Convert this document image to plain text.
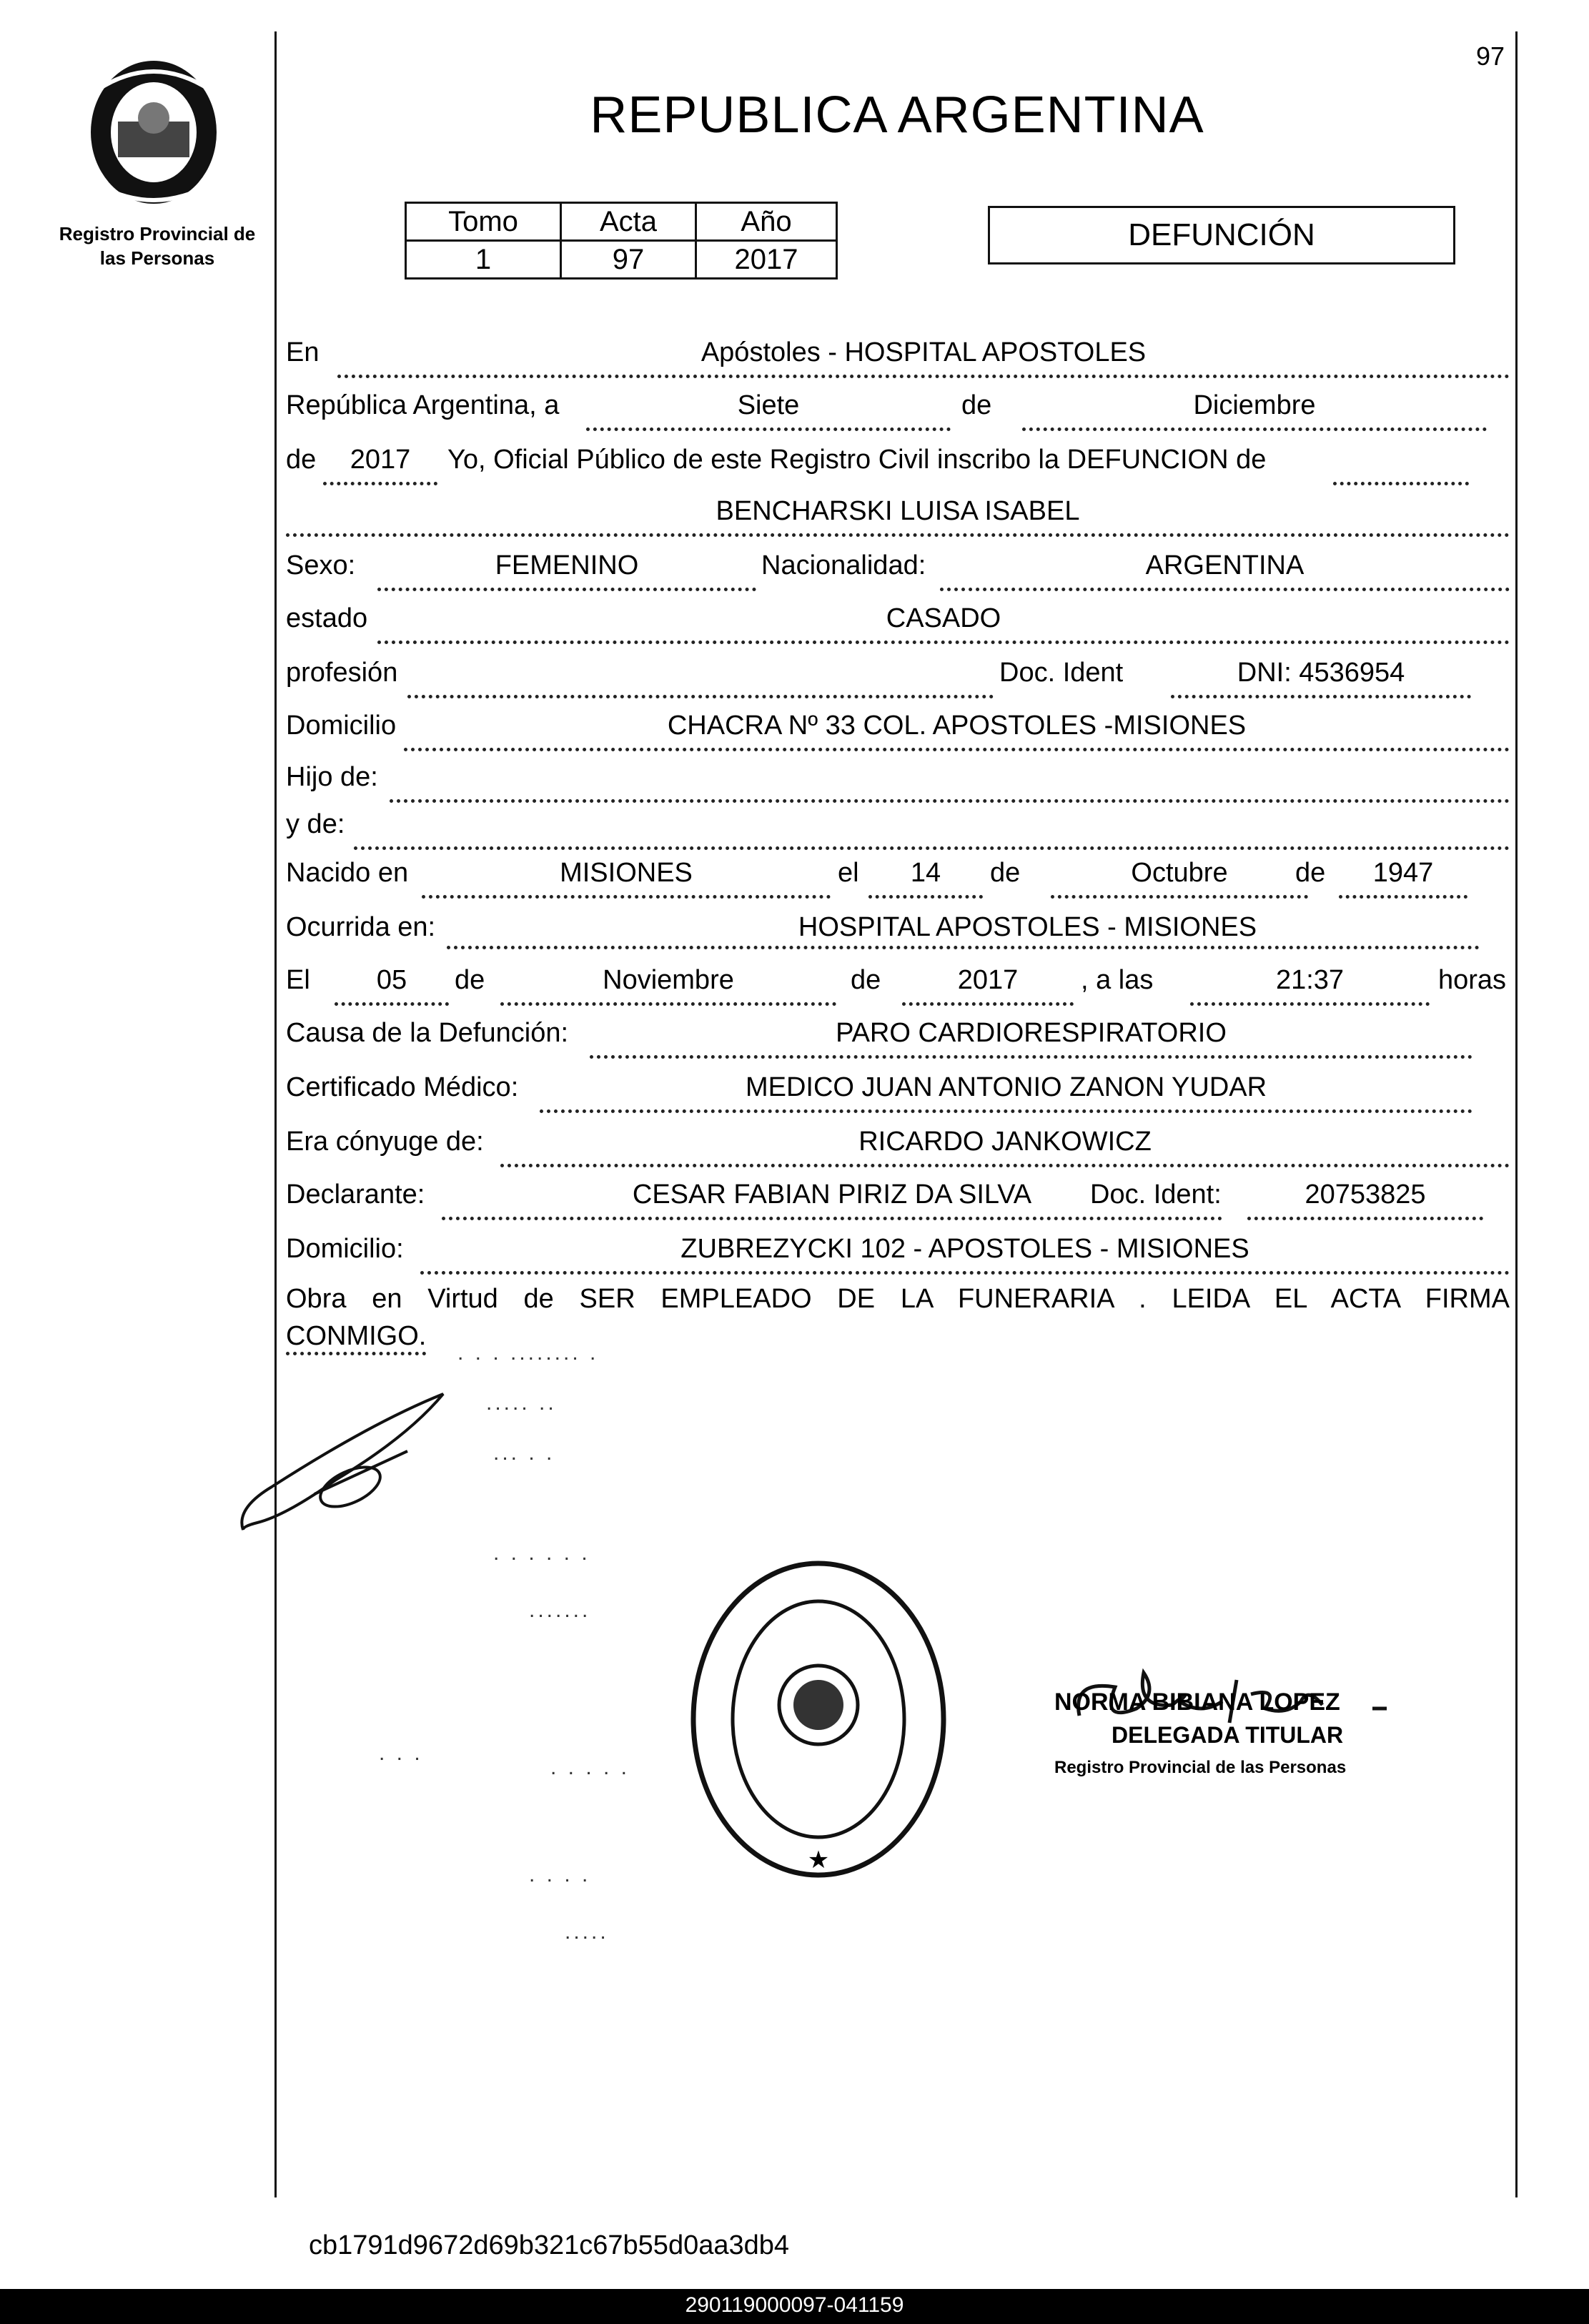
97
Registro Provincial de
las Personas
REPUBLICA ARGENTINA
Tomo	Acta	Año
1	97	2017
DEFUNCIÓN
En	Apóstoles - HOSPITAL APOSTOLES
República Argentina, a	Siete	de	Diciembre
de	2017	Yo, Oficial Público de este Registro Civil inscribo la DEFUNCION de
BENCHARSKI LUISA ISABEL
Sexo:	FEMENINO	Nacionalidad:	ARGENTINA
estado	CASADO
profesión	Doc. Ident	DNI: 4536954
Domicilio	CHACRA Nº 33 COL. APOSTOLES -MISIONES
Hijo de:
y de:
Nacido en	MISIONES	el	14	de	Octubre	de	1947
Ocurrida en:	HOSPITAL APOSTOLES - MISIONES
El	05	de	Noviembre	de	2017	, a las	21:37	horas
Causa de la Defunción:	PARO CARDIORESPIRATORIO
Certificado Médico:	MEDICO JUAN ANTONIO ZANON YUDAR
Era cónyuge de:	RICARDO JANKOWICZ
Declarante:	CESAR FABIAN PIRIZ DA SILVA	Doc. Ident:	20753825
Domicilio:	ZUBREZYCKI 102 - APOSTOLES - MISIONES
Obra en Virtud de SER EMPLEADO DE LA FUNERARIA . LEIDA EL ACTA FIRMA
CONMIGO.
. . . ........ .
..... ..
... . .
. . . . . .
.......
. . .
. . . . .
. . . .
.....
★
NORMA BIBIANA LOPEZ
DELEGADA TITULAR
Registro Provincial de las Personas
cb1791d9672d69b321c67b55d0aa3db4
290119000097-041159
